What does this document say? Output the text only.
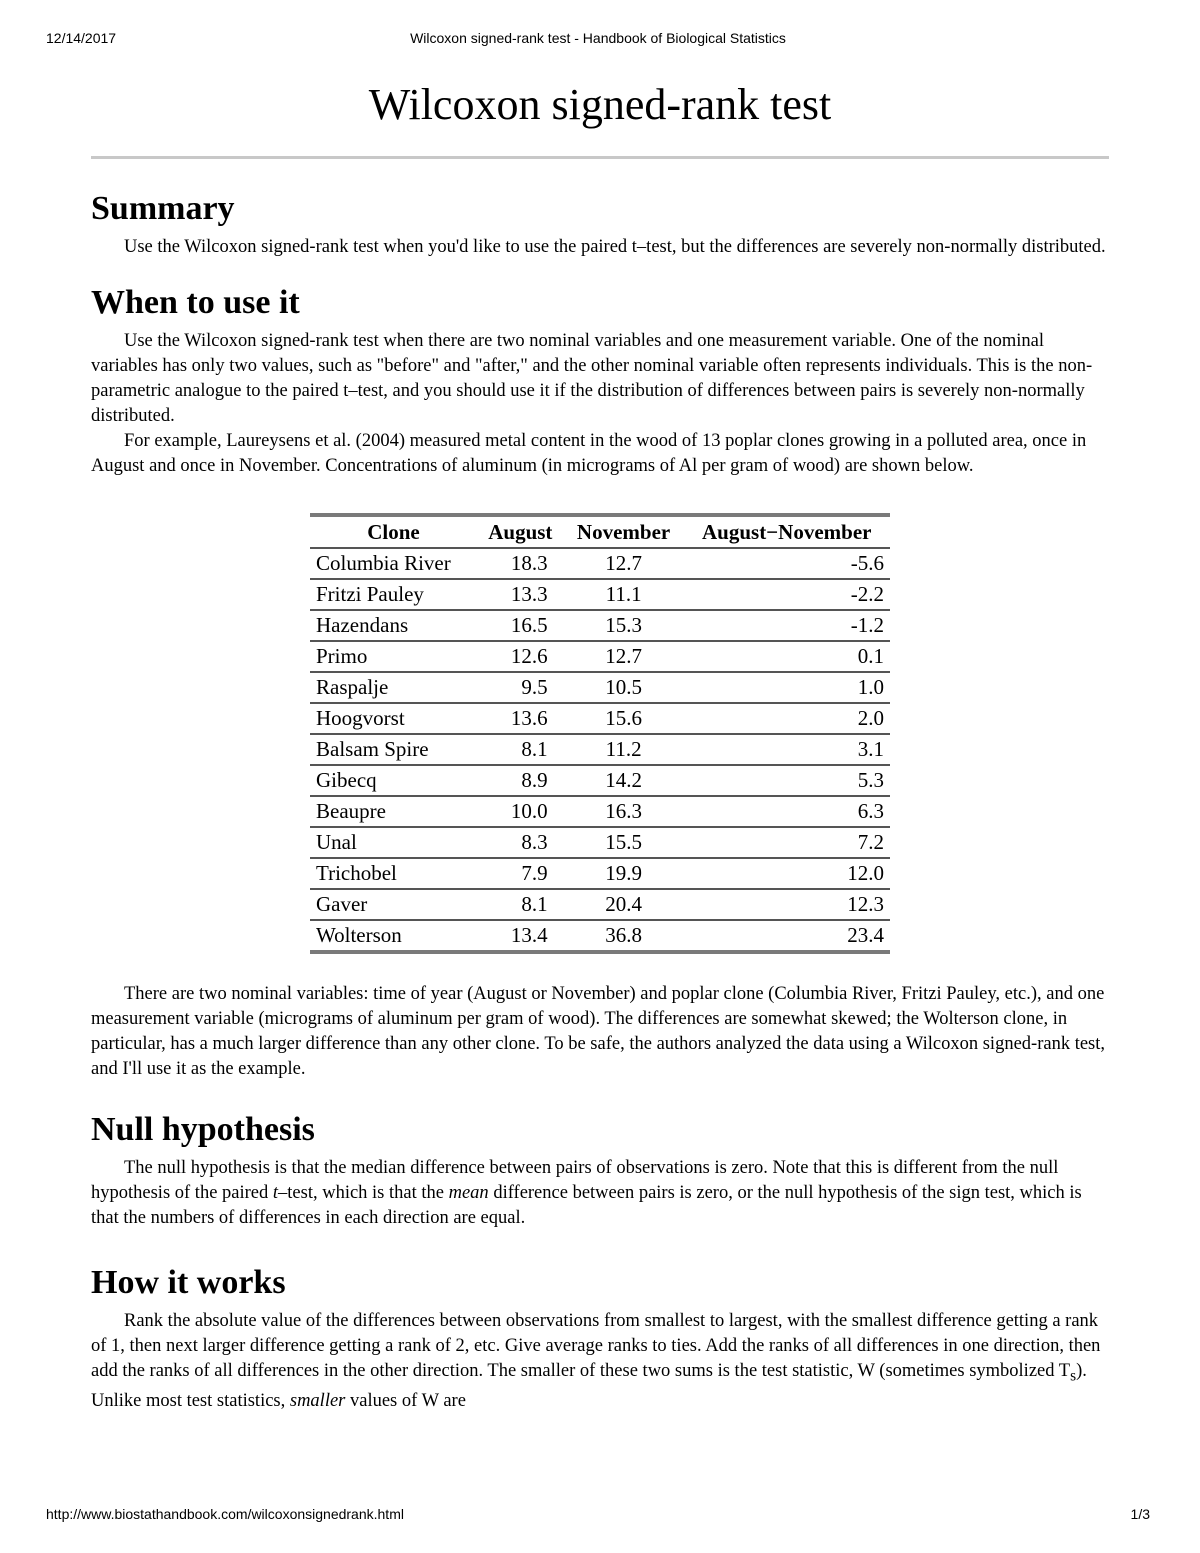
12/14/2017	Wilcoxon signed-rank test - Handbook of Biological Statistics
Wilcoxon signed-rank test
Summary

Use the Wilcoxon signed-rank test when you'd like to use the paired t–test, but the differences are severely non-normally distributed.

When to use it

Use the Wilcoxon signed-rank test when there are two nominal variables and one measurement variable. One of the nominal variables has only two values, such as "before" and "after," and the other nominal variable often represents individuals. This is the non-parametric analogue to the paired t–test, and you should use it if the distribution of differences between pairs is severely non-normally distributed.

For example, Laureysens et al. (2004) measured metal content in the wood of 13 poplar clones growing in a polluted area, once in August and once in November. Concentrations of aluminum (in micrograms of Al per gram of wood) are shown below.

Clone	August	November	August−November
Columbia River	18.3	12.7	-5.6
Fritzi Pauley	13.3	11.1	-2.2
Hazendans	16.5	15.3	-1.2
Primo	12.6	12.7	0.1
Raspalje	9.5	10.5	1.0
Hoogvorst	13.6	15.6	2.0
Balsam Spire	8.1	11.2	3.1
Gibecq	8.9	14.2	5.3
Beaupre	10.0	16.3	6.3
Unal	8.3	15.5	7.2
Trichobel	7.9	19.9	12.0
Gaver	8.1	20.4	12.3
Wolterson	13.4	36.8	23.4

There are two nominal variables: time of year (August or November) and poplar clone (Columbia River, Fritzi Pauley, etc.), and one measurement variable (micrograms of aluminum per gram of wood). The differences are somewhat skewed; the Wolterson clone, in particular, has a much larger difference than any other clone. To be safe, the authors analyzed the data using a Wilcoxon signed-rank test, and I'll use it as the example.

Null hypothesis

The null hypothesis is that the median difference between pairs of observations is zero. Note that this is different from the null hypothesis of the paired t–test, which is that the mean difference between pairs is zero, or the null hypothesis of the sign test, which is that the numbers of differences in each direction are equal.

How it works

Rank the absolute value of the differences between observations from smallest to largest, with the smallest difference getting a rank of 1, then next larger difference getting a rank of 2, etc. Give average ranks to ties. Add the ranks of all differences in one direction, then add the ranks of all differences in the other direction. The smaller of these two sums is the test statistic, W (sometimes symbolized $T_s$). Unlike most test statistics, smaller values of W are

http://www.biostathandbook.com/wilcoxonsignedrank.html	1/3
